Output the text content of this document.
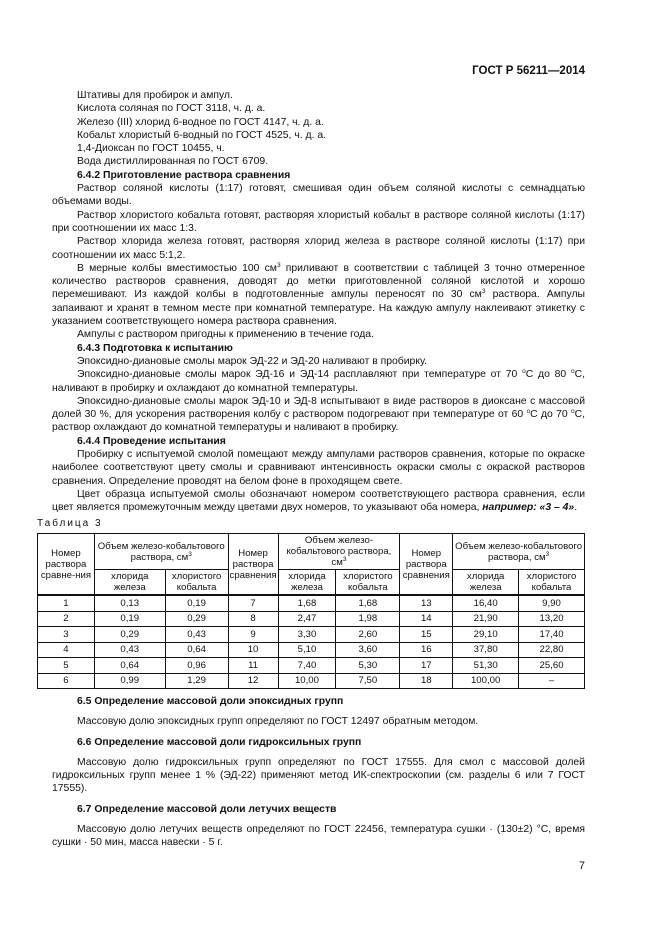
ГОСТ Р 56211—2014

Штативы для пробирок и ампул.

Кислота соляная по ГОСТ 3118, ч. д. а.

Железо (III) хлорид 6-водное по ГОСТ 4147, ч. д. а.

Кобальт хлористый 6-водный по ГОСТ 4525, ч. д. а.

1,4-Диоксан по ГОСТ 10455, ч.

Вода дистиллированная по ГОСТ 6709.

6.4.2 Приготовление раствора сравнения

Раствор соляной кислоты (1:17) готовят, смешивая один объем соляной кислоты с семнадцатью объемами воды.

Раствор хлористого кобальта готовят, растворяя хлористый кобальт в растворе соляной кислоты (1:17) при соотношении их масс 1:3.

Раствор хлорида железа готовят, растворяя хлорид железа в растворе соляной кислоты (1:17) при соотношении их масс 5:1,2.

В мерные колбы вместимостью 100 $см^3$ приливают в соответствии с таблицей 3 точно отмеренное количество растворов сравнения, доводят до метки приготовленной соляной кислотой и хорошо перемешивают. Из каждой колбы в подготовленные ампулы переносят по 30 $см^3$ раствора. Ампулы запаивают и хранят в темном месте при комнатной температуре. На каждую ампулу наклеивают этикетку с указанием соответствующего номера раствора сравнения.

Ампулы с раствором пригодны к применению в течение года.

6.4.3 Подготовка к испытанию

Эпоксидно-диановые смолы марок ЭД-22 и ЭД-20 наливают в пробирку.

Эпоксидно-диановые смолы марок ЭД-16 и ЭД-14 расплавляют при температуре от 70 $^o$С до 80 $^o$С, наливают в пробирку и охлаждают до комнатной температуры.

Эпоксидно-диановые смолы марок ЭД-10 и ЭД-8 испытывают в виде растворов в диоксане с массовой долей 30 %, для ускорения растворения колбу с раствором подогревают при температуре от 60 $^o$С до 70 $^o$С, раствор охлаждают до комнатной температуры и наливают в пробирку.

6.4.4 Проведение испытания

Пробирку с испытуемой смолой помещают между ампулами растворов сравнения, которые по окраске наиболее соответствуют цвету смолы и сравнивают интенсивность окраски смолы с окраской растворов сравнения. Определение проводят на белом фоне в проходящем свете.

Цвет образца испытуемой смолы обозначают номером соответствующего раствора сравнения, если цвет является промежуточным между цветами двух номеров, то указывают оба номера, например: «3 – 4».

Таблица 3
Номер раствора сравне-ния	Объем железо-кобальтового раствора, $см^3$		Номер раствора сравнения	Объем железо-кобальтового раствора, $см^3$		Номер раствора сравнения	Объем железо-кобальтового раствора, $см^3$
	хлорида железа	хлористого кобальта		хлорида железа	хлористого кобальта		хлорида железа	хлористого кобальта
1	0,13	0,19	7	1,68	1,68	13	16,40	9,90
2	0,19	0,29	8	2,47	1,98	14	21,90	13,20
3	0,29	0,43	9	3,30	2,60	15	29,10	17,40
4	0,43	0,64	10	5,10	3,60	16	37,80	22,80
5	0,64	0,96	11	7,40	5,30	17	51,30	25,60
6	0,99	1,29	12	10,00	7,50	18	100,00	–

6.5 Определение массовой доли эпоксидных групп

Массовую долю эпоксидных групп определяют по ГОСТ 12497 обратным методом.

6.6 Определение массовой доли гидроксильных групп

Массовую долю гидроксильных групп определяют по ГОСТ 17555. Для смол с массовой долей гидроксильных групп менее 1 % (ЭД-22) применяют метод ИК-спектроскопии (см. разделы 6 или 7 ГОСТ 17555).

6.7 Определение массовой доли летучих веществ

Массовую долю летучих веществ определяют по ГОСТ 22456, температура сушки · (130±2) °С, время сушки · 50 мин, масса навески · 5 г.

7
